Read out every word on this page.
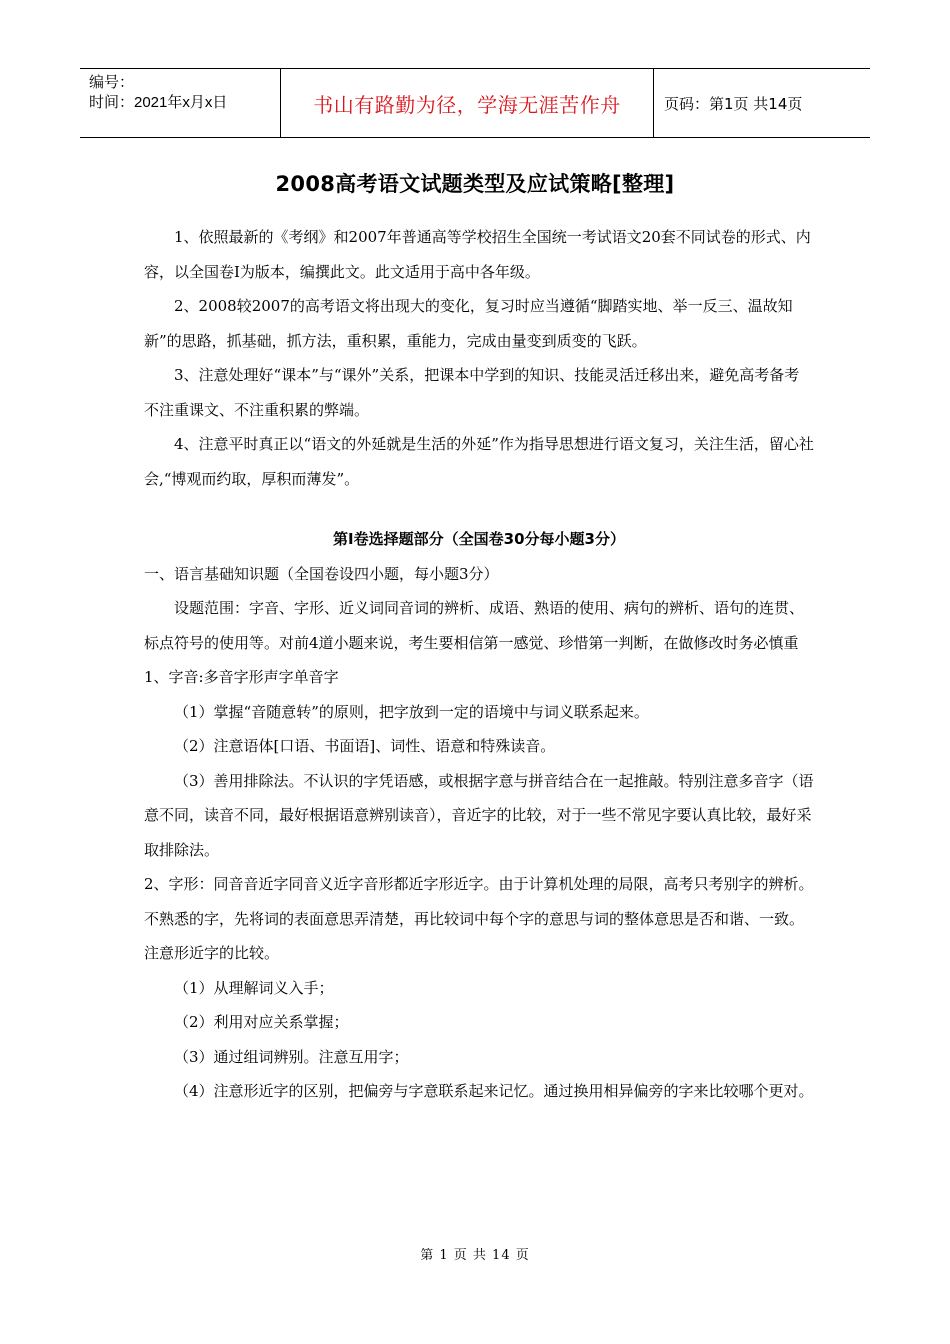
编号：
时间：2021年x月x日	书山有路勤为径，学海无涯苦作舟	页码：第1页 共14页
2008高考语文试题类型及应试策略[整理]

1、依照最新的《考纲》和2007年普通高等学校招生全国统一考试语文20套不同试卷的形式、内容，以全国卷Ⅰ为版本，编撰此文。此文适用于高中各年级。

2、2008较2007的高考语文将出现大的变化，复习时应当遵循“脚踏实地、举一反三、温故知新”的思路，抓基础，抓方法，重积累，重能力，完成由量变到质变的飞跃。

3、注意处理好“课本”与“课外”关系，把课本中学到的知识、技能灵活迁移出来，避免高考备考不注重课文、不注重积累的弊端。

4、注意平时真正以“语文的外延就是生活的外延”作为指导思想进行语文复习，关注生活，留心社会,“博观而约取，厚积而薄发”。

第Ⅰ卷选择题部分（全国卷30分每小题3分）

一、语言基础知识题（全国卷设四小题，每小题3分）

设题范围：字音、字形、近义词同音词的辨析、成语、熟语的使用、病句的辨析、语句的连贯、标点符号的使用等。对前4道小题来说，考生要相信第一感觉、珍惜第一判断，在做修改时务必慎重

1、字音:多音字形声字单音字

（1）掌握“音随意转”的原则，把字放到一定的语境中与词义联系起来。

（2）注意语体[口语、书面语]、词性、语意和特殊读音。

（3）善用排除法。不认识的字凭语感，或根据字意与拼音结合在一起推敲。特别注意多音字（语意不同，读音不同，最好根据语意辨别读音），音近字的比较，对于一些不常见字要认真比较，最好采取排除法。

2、字形：同音音近字同音义近字音形都近字形近字。由于计算机处理的局限，高考只考别字的辨析。不熟悉的字，先将词的表面意思弄清楚，再比较词中每个字的意思与词的整体意思是否和谐、一致。注意形近字的比较。

（1）从理解词义入手；

（2）利用对应关系掌握；

（3）通过组词辨别。注意互用字；

（4）注意形近字的区别，把偏旁与字意联系起来记忆。通过换用相异偏旁的字来比较哪个更对。

第 1 页 共 14 页
